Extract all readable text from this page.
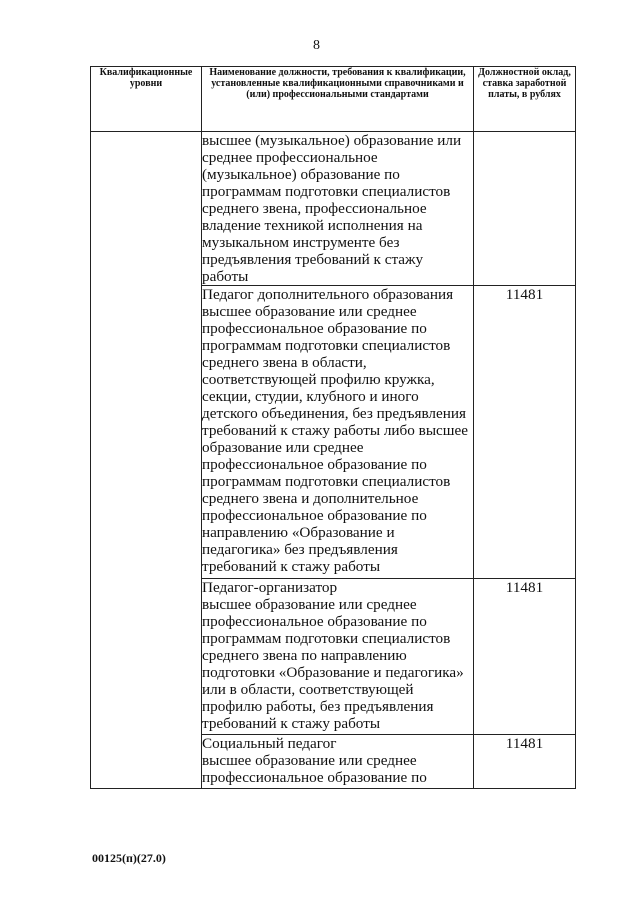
8
Квалификационные уровни	Наименование должности, требования к квалификации, установленные квалификационными справочниками и (или) профессиональными стандартами	Должностной оклад, ставка заработной платы, в рублях

	высшее (музыкальное) образование или среднее профессиональное (музыкальное) образование по программам подготовки специалистов среднего звена, профессиональное владение техникой исполнения на музыкальном инструменте без предъявления требований к стажу работы	

	Педагог дополнительного образования
высшее образование или среднее профессиональное образование по программам подготовки специалистов среднего звена в области, соответствующей профилю кружка, секции, студии, клубного и иного детского объединения, без предъявления требований к стажу работы либо высшее образование или среднее профессиональное образование по программам подготовки специалистов среднего звена и дополнительное профессиональное образование по направлению «Образование и педагогика» без предъявления требований к стажу работы	11481

	Педагог-организатор
высшее образование или среднее профессиональное образование по программам подготовки специалистов среднего звена по направлению подготовки «Образование и педагогика» или в области, соответствующей профилю работы, без предъявления требований к стажу работы	11481

	Социальный педагог
высшее образование или среднее профессиональное образование по	11481
00125(п)(27.0)
